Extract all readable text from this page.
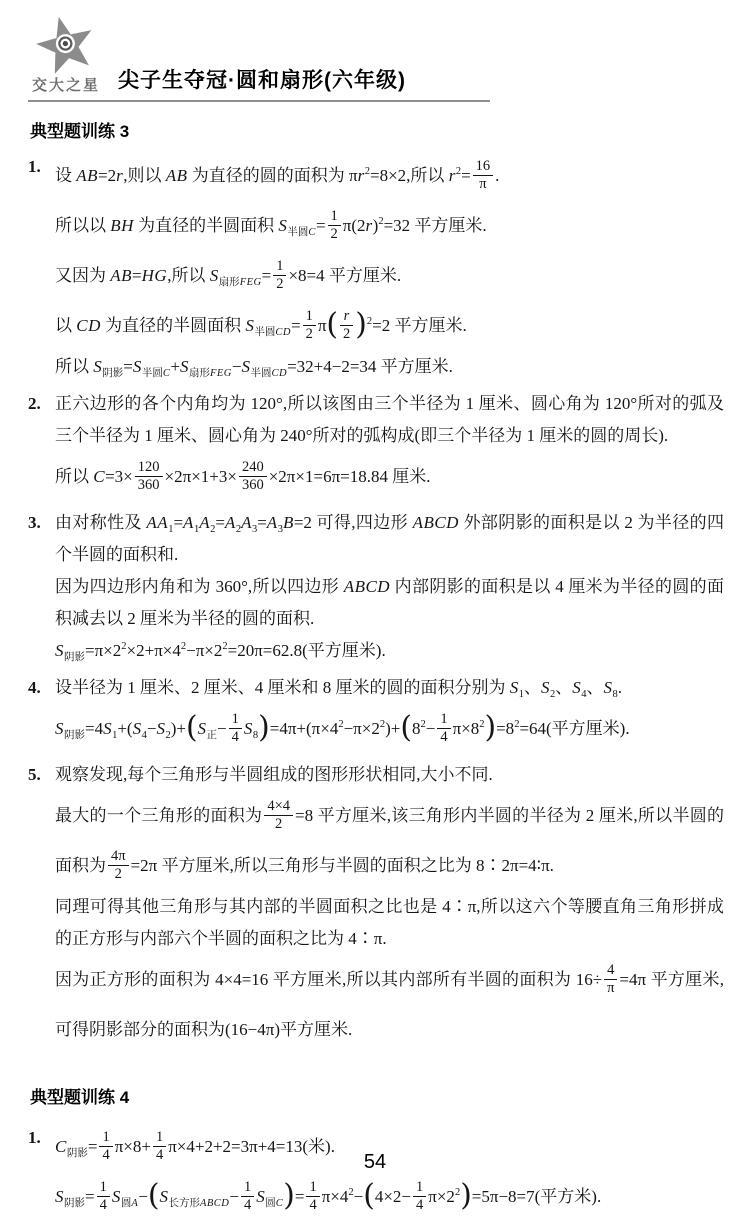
交大之星 尖子生夺冠·圆和扇形(六年级)
典型题训练 3
1. 设 AB=2r,则以 AB 为直径的圆的面积为 $\pi r^2=8\times 2$,所以 $r^2= \frac{16}{\pi}$ .
所以以 BH 为直径的半圆面积 $S_{半圆C}= \frac{1}{2} \pi(2r)^2=32$ 平方厘米.
又因为 AB=HG,所以 $S_{扇形FEG}= \frac{1}{2} \times 8=4$ 平方厘米.
以 CD 为直径的半圆面积 $S_{半圆CD}= \frac{1}{2} \pi( \frac{r}{2} )^2=2$ 平方厘米.
所以 $S_{阴影}=S_{半圆C}+S_{扇形FEG}-S_{半圆CD}=32+4-2=34$ 平方厘米.
2. 正六边形的各个内角均为 120°,所以该图由三个半径为 1 厘米、圆心角为 120°所对的弧及三个半径为 1 厘米、圆心角为 240°所对的弧构成(即三个半径为 1 厘米的圆的周长).
所以 $C=3\times \frac{120}{360} \times 2\pi\times 1+3\times \frac{240}{360} \times 2\pi\times 1=6\pi=18.84$ 厘米.
3. 由对称性及 $AA_1=A_1A_2=A_2A_3=A_3B=2$ 可得,四边形 ABCD 外部阴影的面积是以 2 为半径的四个半圆的面积和.
因为四边形内角和为 360°,所以四边形 ABCD 内部阴影的面积是以 4 厘米为半径的圆的面积减去以 2 厘米为半径的圆的面积.
$S_{阴影}=\pi\times 2^2\times 2+\pi\times 4^2-\pi\times 2^2=20\pi=62.8$(平方厘米).
4. 设半径为 1 厘米、2 厘米、4 厘米和 8 厘米的圆的面积分别为 $S_1$、$S_2$、$S_4$、$S_8$.
$S_{阴影}=4S_1+(S_4-S_2)+(S_正- \frac{1}{4} S_8)=4\pi+(\pi\times 4^2-\pi\times 2^2)+(8^2- \frac{1}{4} \pi\times 8^2)=8^2=64$(平方厘米).
5. 观察发现,每个三角形与半圆组成的图形形状相同,大小不同.
最大的一个三角形的面积为 $\frac{4\times 4}{2} =8$ 平方厘米,该三角形内半圆的半径为 2 厘米,所以半圆的面积为 $\frac{4\pi}{2} =2\pi$ 平方厘米,所以三角形与半圆的面积之比为 8∶2π=4∶π.
同理可得其他三角形与其内部的半圆面积之比也是 4∶π,所以这六个等腰直角三角形拼成的正方形与内部六个半圆的面积之比为 4∶π.
因为正方形的面积为 4×4=16 平方厘米,所以其内部所有半圆的面积为 $16\div \frac{4}{\pi} =4\pi$ 平方厘米,可得阴影部分的面积为(16−4π)平方厘米.
典型题训练 4
1. $C_{阴影}= \frac{1}{4} \pi\times 8+ \frac{1}{4} \pi\times 4+2+2=3\pi+4=13$(米).
$S_{阴影}= \frac{1}{4} S_{圆A}-(S_{长方形ABCD}- \frac{1}{4} S_{圆C})= \frac{1}{4} \pi\times 4^2-(4\times 2- \frac{1}{4} \pi\times 2^2)=5\pi-8=7$(平方米).
54
